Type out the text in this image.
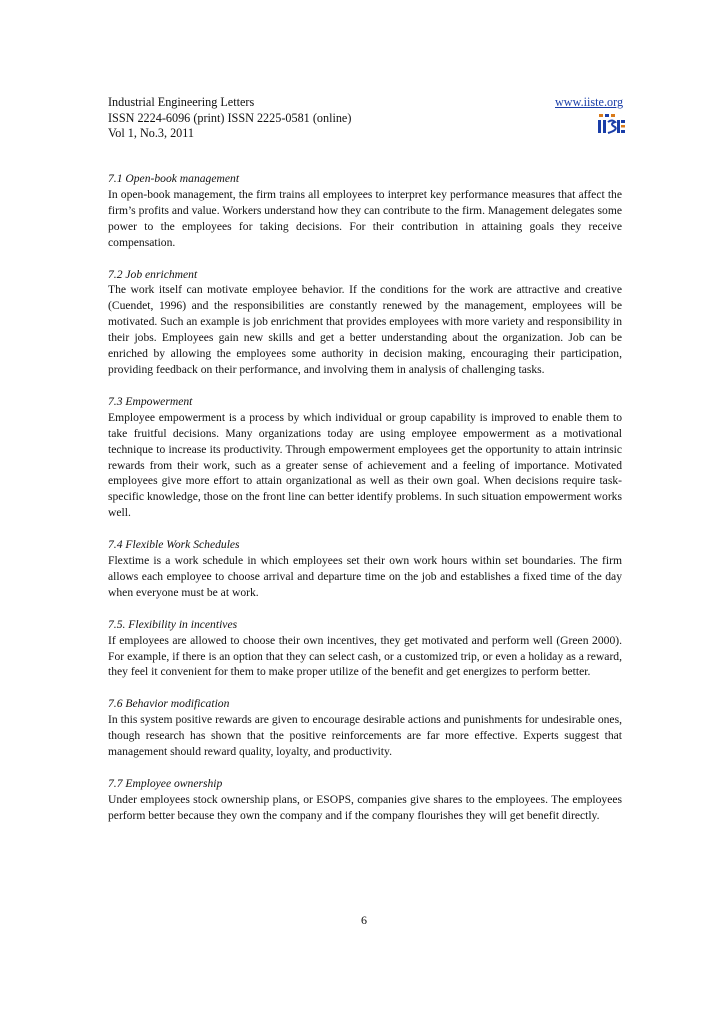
Industrial Engineering Letters
ISSN 2224-6096 (print) ISSN 2225-0581 (online)
Vol 1, No.3, 2011
www.iiste.org
7.1 Open-book management
In open-book management, the firm trains all employees to interpret key performance measures that affect the firm’s profits and value. Workers understand how they can contribute to the firm. Management delegates some power to the employees for taking decisions. For their contribution in attaining goals they receive compensation.
7.2 Job enrichment
The work itself can motivate employee behavior. If the conditions for the work are attractive and creative (Cuendet, 1996) and the responsibilities are constantly renewed by the management, employees will be motivated. Such an example is job enrichment that provides employees with more variety and responsibility in their jobs. Employees gain new skills and get a better understanding about the organization. Job can be enriched by allowing the employees some authority in decision making, encouraging their participation, providing feedback on their performance, and involving them in analysis of challenging tasks.
7.3 Empowerment
Employee empowerment is a process by which individual or group capability is improved to enable them to take fruitful decisions. Many organizations today are using employee empowerment as a motivational technique to increase its productivity. Through empowerment employees get the opportunity to attain intrinsic rewards from their work, such as a greater sense of achievement and a feeling of importance. Motivated employees give more effort to attain organizational as well as their own goal. When decisions require task-specific knowledge, those on the front line can better identify problems. In such situation empowerment works well.
7.4 Flexible Work Schedules
Flextime is a work schedule in which employees set their own work hours within set boundaries. The firm allows each employee to choose arrival and departure time on the job and establishes a fixed time of the day when everyone must be at work.
7.5. Flexibility in incentives
If employees are allowed to choose their own incentives, they get motivated and perform well (Green 2000). For example, if there is an option that they can select cash, or a customized trip, or even a holiday as a reward, they feel it convenient for them to make proper utilize of the benefit and get energizes to perform better.
7.6 Behavior modification
In this system positive rewards are given to encourage desirable actions and punishments for undesirable ones, though research has shown that the positive reinforcements are far more effective. Experts suggest that management should reward quality, loyalty, and productivity.
7.7 Employee ownership
Under employees stock ownership plans, or ESOPS, companies give shares to the employees. The employees perform better because they own the company and if the company flourishes they will get benefit directly.
6
